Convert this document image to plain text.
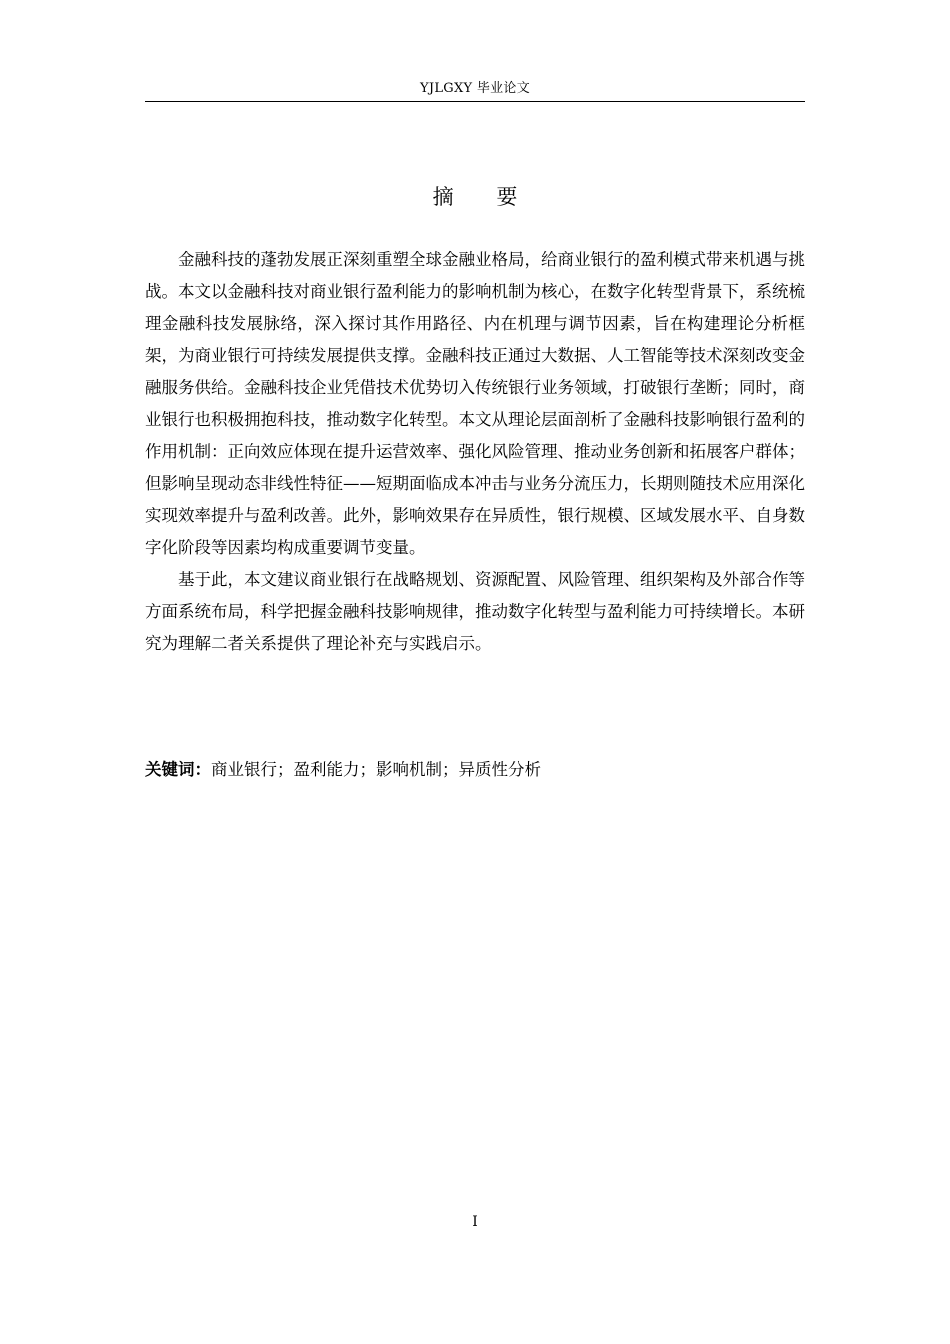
YJLGXY 毕业论文
摘 要

金融科技的蓬勃发展正深刻重塑全球金融业格局，给商业银行的盈利模式带来机遇与挑战。本文以金融科技对商业银行盈利能力的影响机制为核心，在数字化转型背景下，系统梳理金融科技发展脉络，深入探讨其作用路径、内在机理与调节因素，旨在构建理论分析框架，为商业银行可持续发展提供支撑。金融科技正通过大数据、人工智能等技术深刻改变金融服务供给。金融科技企业凭借技术优势切入传统银行业务领域，打破银行垄断；同时，商业银行也积极拥抱科技，推动数字化转型。本文从理论层面剖析了金融科技影响银行盈利的作用机制：正向效应体现在提升运营效率、强化风险管理、推动业务创新和拓展客户群体；但影响呈现动态非线性特征——短期面临成本冲击与业务分流压力，长期则随技术应用深化实现效率提升与盈利改善。此外，影响效果存在异质性，银行规模、区域发展水平、自身数字化阶段等因素均构成重要调节变量。

基于此，本文建议商业银行在战略规划、资源配置、风险管理、组织架构及外部合作等方面系统布局，科学把握金融科技影响规律，推动数字化转型与盈利能力可持续增长。本研究为理解二者关系提供了理论补充与实践启示。

关键词：商业银行；盈利能力；影响机制；异质性分析
I
